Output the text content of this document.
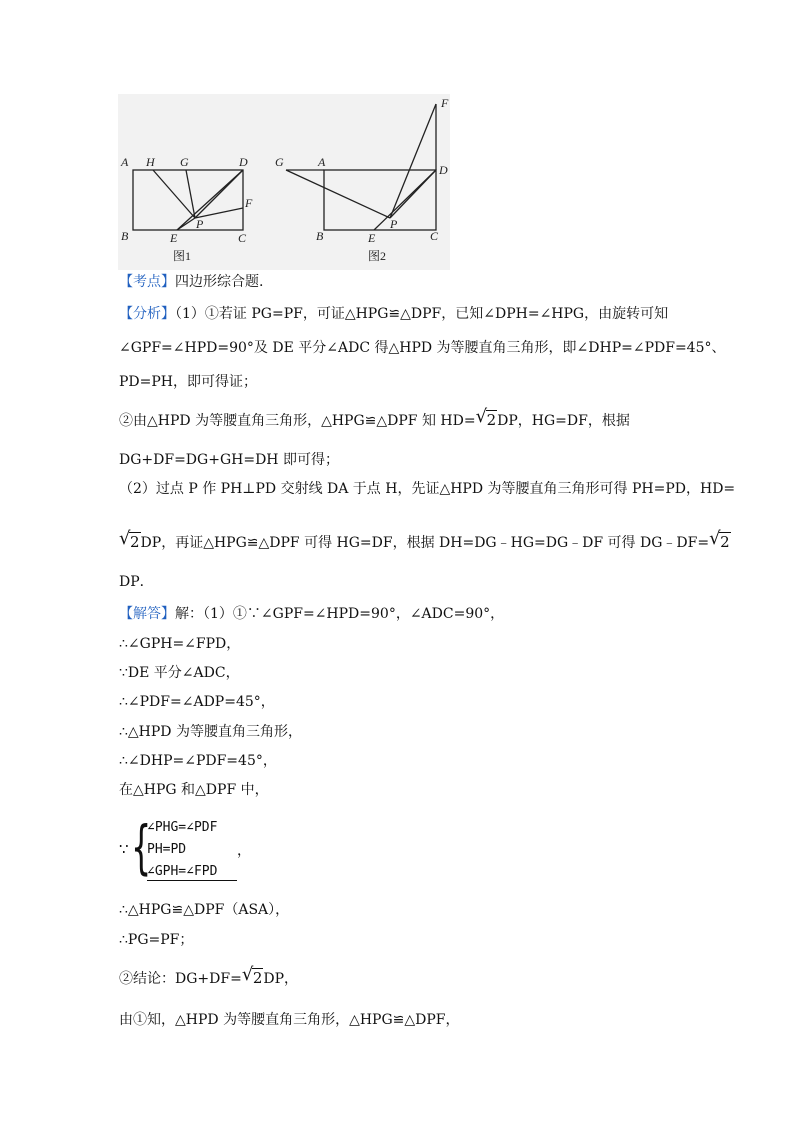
A H G	D
F
P
B	E	C
F
G	A
D
P
B	E	C
图1	图2
【考点】四边形综合题.
【分析】（1）①若证 PG=PF，可证△HPG≌△DPF，已知∠DPH=∠HPG，由旋转可知
∠GPF=∠HPD=90°及 DE 平分∠ADC 得△HPD 为等腰直角三角形，即∠DHP=∠PDF=45°、
PD=PH，即可得证；
②由△HPD 为等腰直角三角形，△HPG≌△DPF 知 HD= √ 2DP，HG=DF，根据
DG+DF=DG+GH=DH 即可得；
（2）过点 P 作 PH⊥PD 交射线 DA 于点 H，先证△HPD 为等腰直角三角形可得 PH=PD，HD=
√ 2DP，再证△HPG≌△DPF 可得 HG=DF，根据 DH=DG﹣HG=DG﹣DF 可得 DG﹣DF= √ 2
DP．
【解答】解：（1）①∵∠GPF=∠HPD=90°，∠ADC=90°，
∴∠GPH=∠FPD，
∵DE 平分∠ADC，
∴∠PDF=∠ADP=45°，
∴△HPD 为等腰直角三角形，
∴∠DHP=∠PDF=45°，
在△HPG 和△DPF 中，
∵ {
∠PHG=∠PDF
PH=PD
∠GPH=∠FPD
，
∴△HPG≌△DPF（ASA），
∴PG=PF；
②结论：DG+DF= √ 2DP，
由①知，△HPD 为等腰直角三角形，△HPG≌△DPF，
